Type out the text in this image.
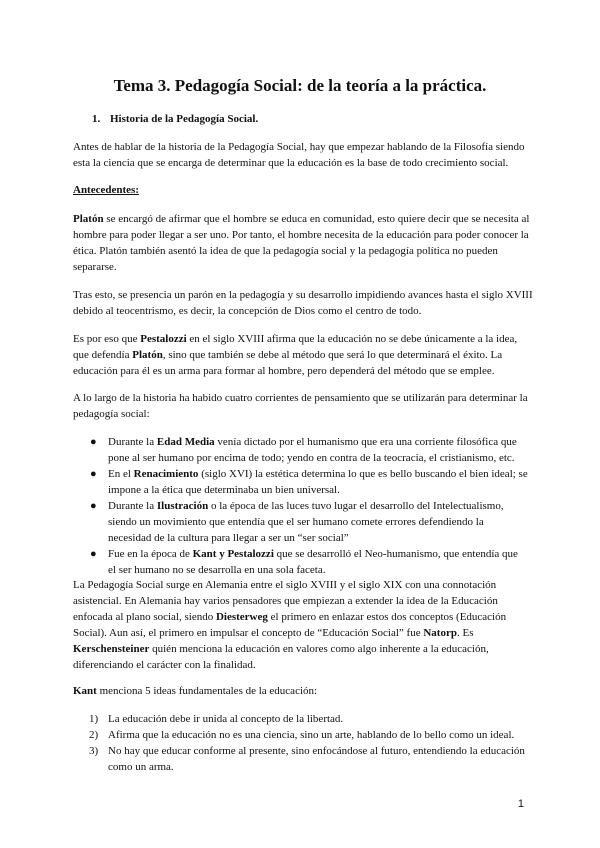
Tema 3. Pedagogía Social: de la teoría a la práctica.

1. Historia de la Pedagogía Social.

Antes de hablar de la historia de la Pedagogía Social, hay que empezar hablando de la Filosofía siendo esta la ciencia que se encarga de determinar que la educación es la base de todo crecimiento social.

Antecedentes:

Platón se encargó de afirmar que el hombre se educa en comunidad, esto quiere decir que se necesita al hombre para poder llegar a ser uno. Por tanto, el hombre necesita de la educación para poder conocer la ética. Platón también asentó la idea de que la pedagogía social y la pedagogía política no pueden separarse.

Tras esto, se presencia un parón en la pedagogía y su desarrollo impidiendo avances hasta el siglo XVIII debido al teocentrismo, es decir, la concepción de Dios como el centro de todo.

Es por eso que Pestalozzi en el siglo XVIII afirma que la educación no se debe únicamente a la idea, que defendía Platón, sino que también se debe al método que será lo que determinará el éxito. La educación para él es un arma para formar al hombre, pero dependerá del método que se emplee.

A lo largo de la historia ha habido cuatro corrientes de pensamiento que se utilizarán para determinar la pedagogía social:

● Durante la Edad Media venía dictado por el humanismo que era una corriente filosófica que pone al ser humano por encima de todo; yendo en contra de la teocracia, el cristianismo, etc.
● En el Renacimiento (siglo XVI) la estética determina lo que es bello buscando el bien ideal; se impone a la ética que determinaba un bien universal.
● Durante la Ilustración o la época de las luces tuvo lugar el desarrollo del Intelectualismo, siendo un movimiento que entendía que el ser humano comete errores defendiendo la necesidad de la cultura para llegar a ser un “ser social”
● Fue en la época de Kant y Pestalozzi que se desarrolló el Neo-humanismo, que entendía que el ser humano no se desarrolla en una sola faceta.

La Pedagogía Social surge en Alemania entre el siglo XVIII y el siglo XIX con una connotación asistencial. En Alemania hay varios pensadores que empiezan a extender la idea de la Educación enfocada al plano social, siendo Diesterweg el primero en enlazar estos dos conceptos (Educación Social). Aun así, el primero en impulsar el concepto de “Educación Social” fue Natorp. Es Kerschensteiner quién menciona la educación en valores como algo inherente a la educación, diferenciando el carácter con la finalidad.

Kant menciona 5 ideas fundamentales de la educación:

1) La educación debe ir unida al concepto de la libertad.
2) Afirma que la educación no es una ciencia, sino un arte, hablando de lo bello como un ideal.
3) No hay que educar conforme al presente, sino enfocándose al futuro, entendiendo la educación como un arma.
1
